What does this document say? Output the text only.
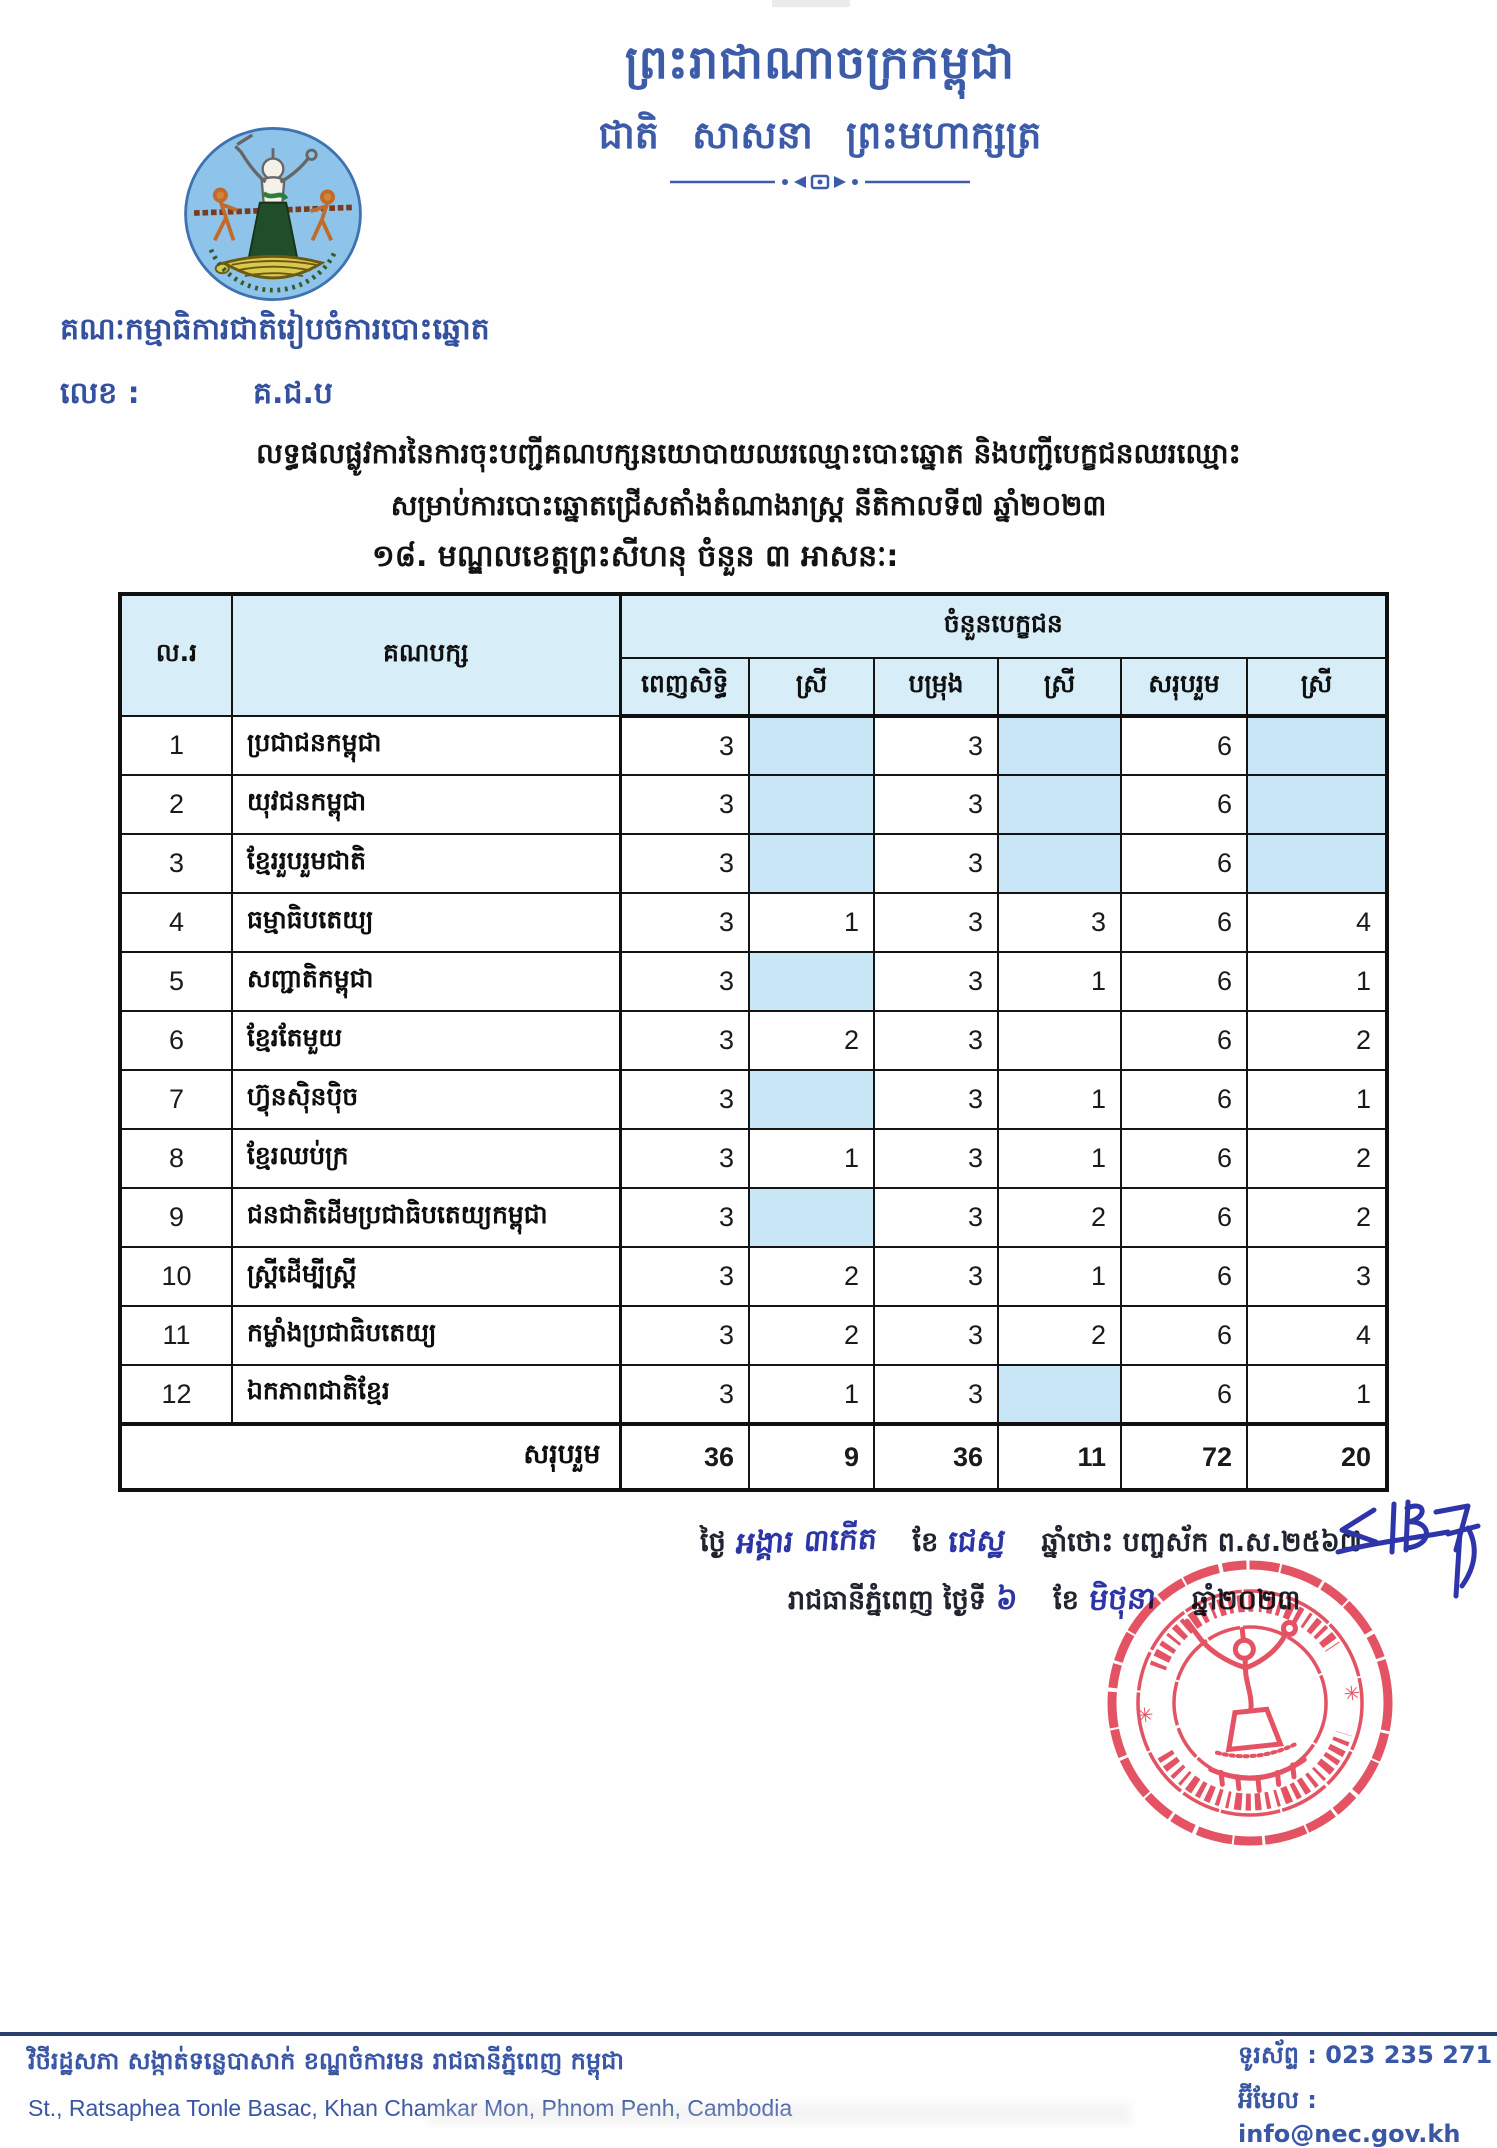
ព្រះរាជាណាចក្រកម្ពុជា
ជាតិ សាសនា ព្រះមហាក្សត្រ
គណៈកម្មាធិការជាតិរៀបចំការបោះឆ្នោត
លេខ :	គ.ជ.ប
លទ្ធផលផ្លូវការនៃការចុះបញ្ជីគណបក្សនយោបាយឈរឈ្មោះបោះឆ្នោត និងបញ្ជីបេក្ខជនឈរឈ្មោះ
សម្រាប់ការបោះឆ្នោតជ្រើសតាំងតំណាងរាស្ត្រ នីតិកាលទី៧ ឆ្នាំ២០២៣
១៨. មណ្ឌលខេត្តព្រះសីហនុ ចំនួន ៣ អាសនៈ:
ល.រ	គណបក្ស	ចំនួនបេក្ខជន					
		ពេញសិទ្ធិ	ស្រី	បម្រុង	ស្រី	សរុបរួម	ស្រី
1	ប្រជាជនកម្ពុជា	3		3		6	
2	យុវជនកម្ពុជា	3		3		6	
3	ខ្មែររួបរួមជាតិ	3		3		6	
4	ធម្មាធិបតេយ្យ	3	1	3	3	6	4
5	សញ្ជាតិកម្ពុជា	3		3	1	6	1
6	ខ្មែរតែមួយ	3	2	3		6	2
7	ហ៊្វុនស៊ិនប៉ិច	3		3	1	6	1
8	ខ្មែរឈប់ក្រ	3	1	3	1	6	2
9	ជនជាតិដើមប្រជាធិបតេយ្យកម្ពុជា	3		3	2	6	2
10	ស្ត្រីដើម្បីស្ត្រី	3	2	3	1	6	3
11	កម្លាំងប្រជាធិបតេយ្យ	3	2	3	2	6	4
12	ឯកភាពជាតិខ្មែរ	3	1	3		6	1
សរុបរួម		36	9	36	11	72	20
ថ្ងៃ អង្គារ ៣កើត ខែ ជេស្ឋ ឆ្នាំថោះ បញ្ចស័ក ព.ស.២៥៦៧
រាជធានីភ្នំពេញ ថ្ងៃទី ៦ ខែ មិថុនា ឆ្នាំ២០២៣
✳
✳
វិថីរដ្ឋសភា សង្កាត់ទន្លេបាសាក់ ខណ្ឌចំការមន រាជធានីភ្នំពេញ កម្ពុជា
St., Ratsaphea Tonle Basac, Khan Chamkar Mon, Phnom Penh, Cambodia
ទូរស័ព្ទ : 023 235 271
អ៊ីមែល : info@nec.gov.kh
